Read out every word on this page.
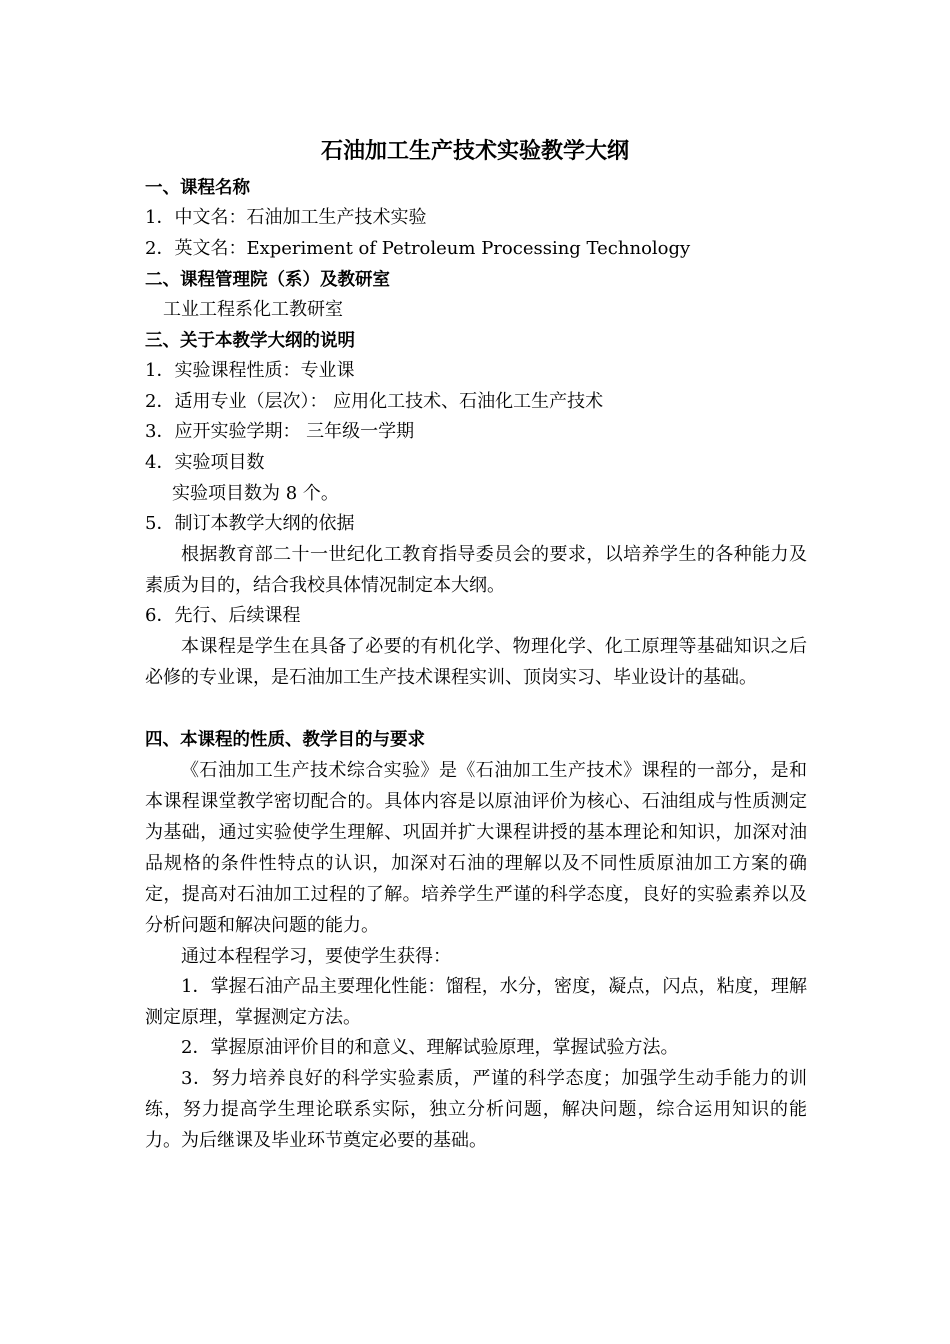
石油加工生产技术实验教学大纲
一、课程名称
1．中文名：石油加工生产技术实验
2．英文名：Experiment of Petroleum Processing Technology
二、课程管理院（系）及教研室
工业工程系化工教研室
三、关于本教学大纲的说明
1．实验课程性质：专业课
2．适用专业（层次）： 应用化工技术、石油化工生产技术
3．应开实验学期： 三年级一学期
4．实验项目数
实验项目数为 8 个。
5．制订本教学大纲的依据
根据教育部二十一世纪化工教育指导委员会的要求，以培养学生的各种能力及素质为目的，结合我校具体情况制定本大纲。
6．先行、后续课程
本课程是学生在具备了必要的有机化学、物理化学、化工原理等基础知识之后必修的专业课，是石油加工生产技术课程实训、顶岗实习、毕业设计的基础。
四、本课程的性质、教学目的与要求
《石油加工生产技术综合实验》是《石油加工生产技术》课程的一部分，是和本课程课堂教学密切配合的。具体内容是以原油评价为核心、石油组成与性质测定为基础，通过实验使学生理解、巩固并扩大课程讲授的基本理论和知识，加深对油品规格的条件性特点的认识，加深对石油的理解以及不同性质原油加工方案的确定，提高对石油加工过程的了解。培养学生严谨的科学态度，良好的实验素养以及分析问题和解决问题的能力。
通过本程程学习，要使学生获得：
1．掌握石油产品主要理化性能：馏程，水分，密度，凝点，闪点，粘度，理解测定原理，掌握测定方法。
2．掌握原油评价目的和意义、理解试验原理，掌握试验方法。
3．努力培养良好的科学实验素质，严谨的科学态度；加强学生动手能力的训练，努力提高学生理论联系实际，独立分析问题，解决问题，综合运用知识的能力。为后继课及毕业环节奠定必要的基础。
